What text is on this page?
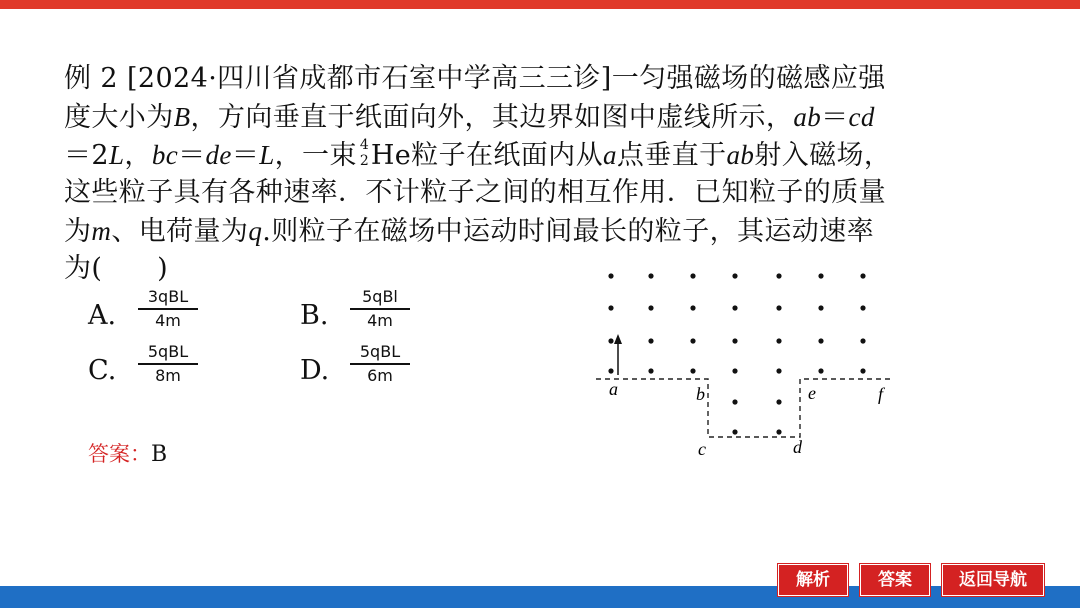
例 2 [2024·四川省成都市石室中学高三三诊]一匀强磁场的磁感应强
度大小为B，方向垂直于纸面向外，其边界如图中虚线所示，ab＝cd
＝2L，bc＝de＝L，一束 4
2 He粒子在纸面内从a点垂直于ab射入磁场，
这些粒子具有各种速率．不计粒子之间的相互作用．已知粒子的质量
为m、电荷量为q.则粒子在磁场中运动时间最长的粒子，其运动速率
为(　　)
A.
3qBL
4m	B.
5qBl
4m
C.
5qBL
8m	D.
5qBL
6m
答案：B
a	b
c	d
e	f
解析	答案	返回导航
